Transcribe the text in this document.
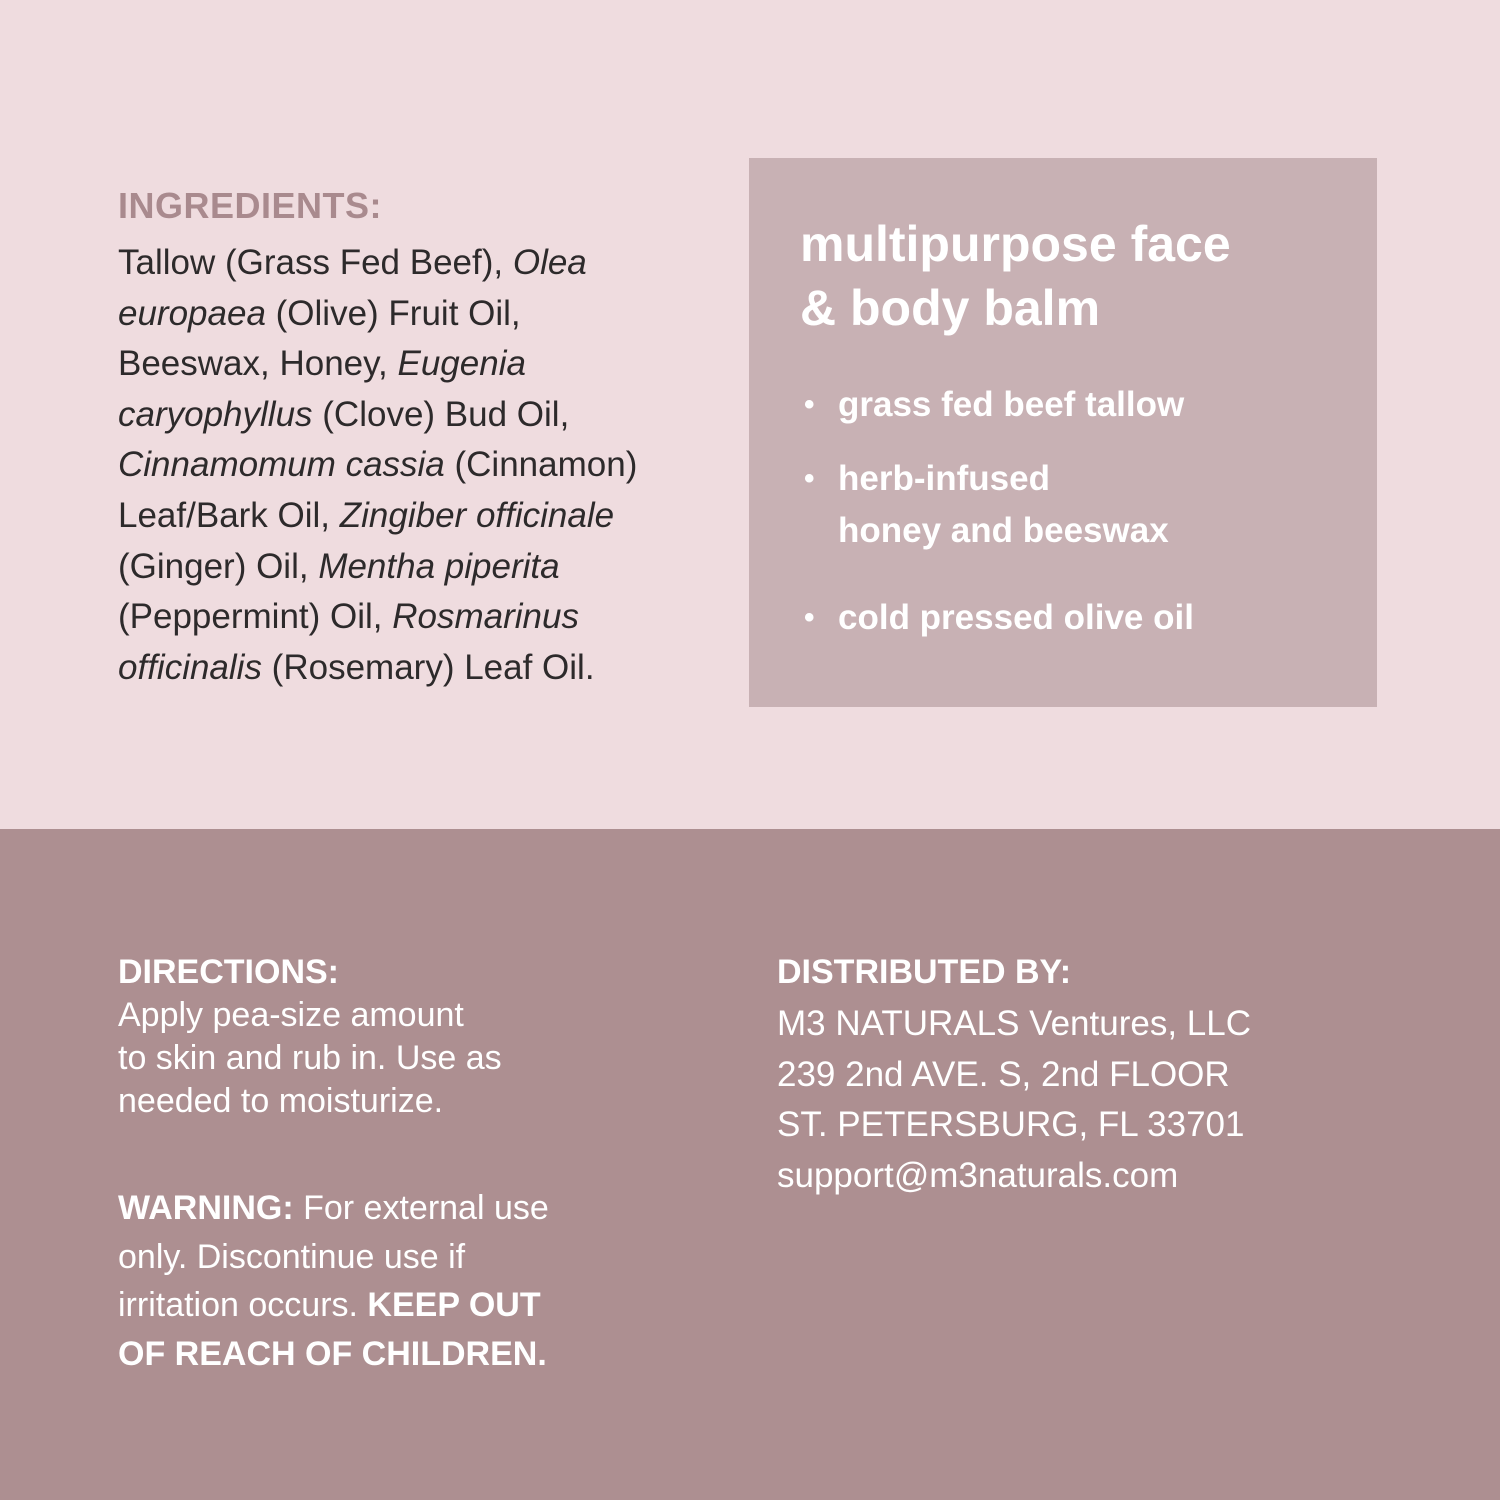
INGREDIENTS:

Tallow (Grass Fed Beef), Olea
europaea (Olive) Fruit Oil,
Beeswax, Honey, Eugenia
caryophyllus (Clove) Bud Oil,
Cinnamomum cassia (Cinnamon)
Leaf/Bark Oil, Zingiber officinale
(Ginger) Oil, Mentha piperita
(Peppermint) Oil, Rosmarinus
officinalis (Rosemary) Leaf Oil.

multipurpose face
& body balm
• grass fed beef tallow
• herb-infused
honey and beeswax
• cold pressed olive oil
DIRECTIONS:

Apply pea-size amount
to skin and rub in. Use as
needed to moisturize.

WARNING: For external use
only. Discontinue use if
irritation occurs. KEEP OUT
OF REACH OF CHILDREN.

DISTRIBUTED BY:

M3 NATURALS Ventures, LLC

239 2nd AVE. S, 2nd FLOOR

ST. PETERSBURG, FL 33701

support@m3naturals.com
